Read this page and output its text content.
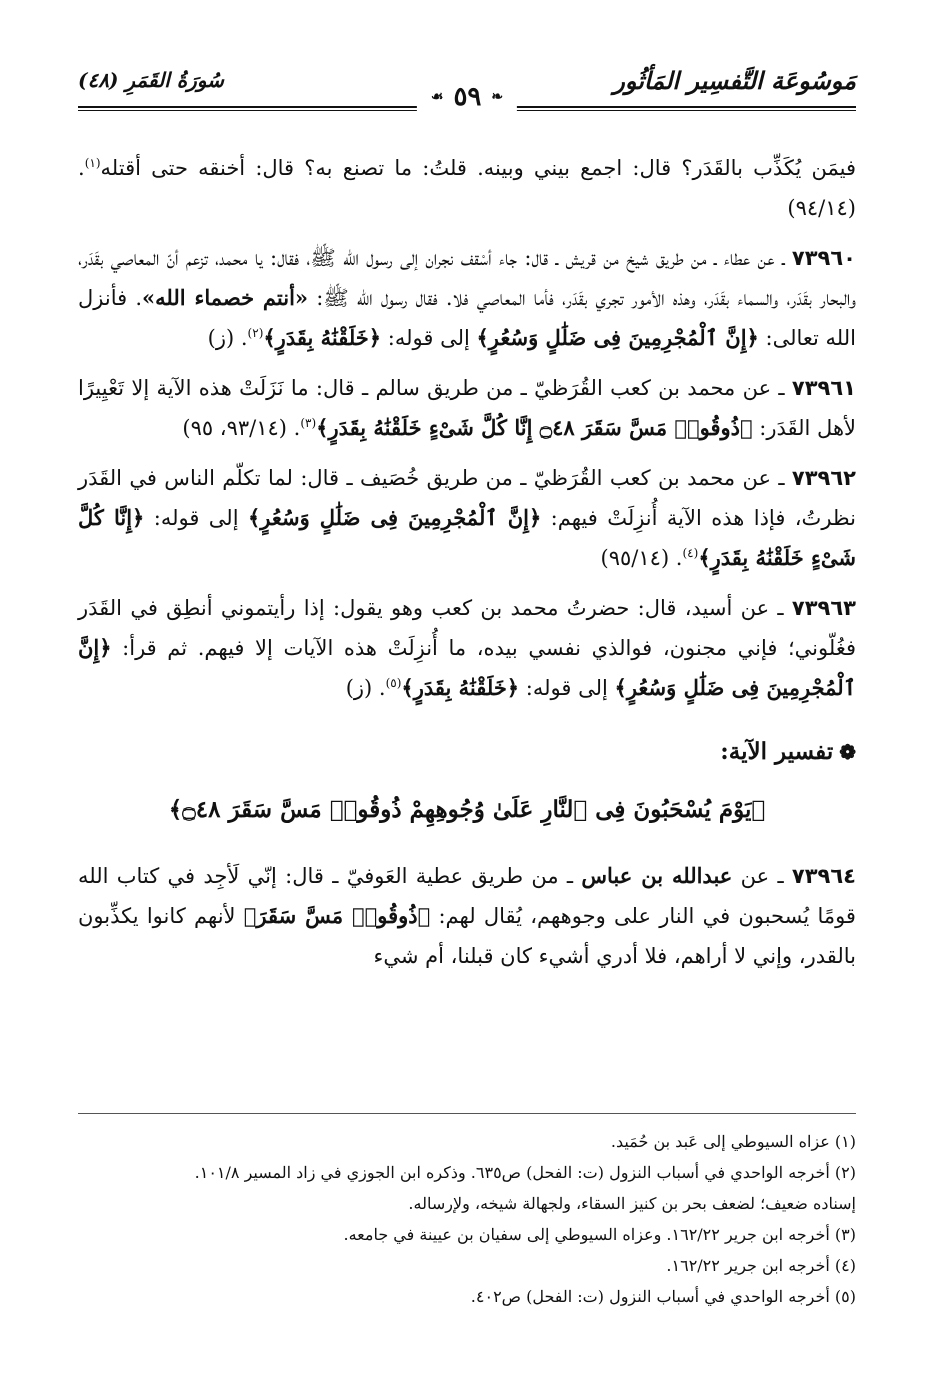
مَوسُوعَة التَّفسِير المَأثُور
❧
٥٩
☙
سُورَةُ القَمَرِ (٤٨)

فيمَن يُكَذِّب بالقَدَر؟ قال: اجمع بيني وبينه. قلتُ: ما تصنع به؟ قال: أخنقه حتى أقتله$^{(١)}$. (٩٤/١٤)

٧٣٩٦٠ ـ عن عطاء ـ من طريق شيخ من قريش ـ قال: جاء أسْقف نجران إلى رسول الله ﷺ، فقال: يا محمد، تزعم أنّ المعاصي بقَدَر، والبحار بقَدَر، والسماء بقَدَر، وهذه الأمور تجري بقَدَر، فأما المعاصي فلا. فقال رسول الله ﷺ: «أنتم خصماء الله». فأنزل الله تعالى: ﴿إِنَّ ٱلْمُجْرِمِينَ فِى ضَلَٰلٍ وَسُعُرٍ﴾ إلى قوله: ﴿خَلَقْنَٰهُ بِقَدَرٍ﴾$^{(٢)}$. (ز)

٧٣٩٦١ ـ عن محمد بن كعب القُرَظيّ ـ من طريق سالم ـ قال: ما نَزَلَتْ هذه الآية إلا تَعْيِيرًا لأهل القَدَر: ﴿ذُوقُوا۟ مَسَّ سَقَرَ ۝٤٨ إِنَّا كُلَّ شَىْءٍ خَلَقْنَٰهُ بِقَدَرٍ﴾$^{(٣)}$. (٩٣/١٤، ٩٥)

٧٣٩٦٢ ـ عن محمد بن كعب القُرَظيّ ـ من طريق خُصَيف ـ قال: لما تكلّم الناس في القَدَر نظرتُ، فإذا هذه الآية أُنزِلَتْ فيهم: ﴿إِنَّ ٱلْمُجْرِمِينَ فِى ضَلَٰلٍ وَسُعُرٍ﴾ إلى قوله: ﴿إِنَّا كُلَّ شَىْءٍ خَلَقْنَٰهُ بِقَدَرٍ﴾$^{(٤)}$. (٩٥/١٤)

٧٣٩٦٣ ـ عن أسيد، قال: حضرتُ محمد بن كعب وهو يقول: إذا رأيتموني أنطِق في القَدَر فغُلّوني؛ فإني مجنون، فوالذي نفسي بيده، ما أُنزِلَتْ هذه الآيات إلا فيهم. ثم قرأ: ﴿إِنَّ ٱلْمُجْرِمِينَ فِى ضَلَٰلٍ وَسُعُرٍ﴾ إلى قوله: ﴿خَلَقْنَٰهُ بِقَدَرٍ﴾$^{(٥)}$. (ز)

❁
تفسير الآية:
﴿يَوْمَ يُسْحَبُونَ فِى ٱلنَّارِ عَلَىٰ وُجُوهِهِمْ ذُوقُوا۟ مَسَّ سَقَرَ ۝٤٨﴾

٧٣٩٦٤ ـ عن عبدالله بن عباس ـ من طريق عطية العَوفيّ ـ قال: إنّي لَأجِد في كتاب الله قومًا يُسحبون في النار على وجوههم، يُقال لهم: ﴿ذُوقُوا۟ مَسَّ سَقَرَ﴾ لأنهم كانوا يكذِّبون بالقدر، وإني لا أراهم، فلا أدري أشيء كان قبلنا، أم شيء

(١) عزاه السيوطي إلى عَبد بن حُمَيد.

(٢) أخرجه الواحدي في أسباب النزول (ت: الفحل) ص٦٣٥. وذكره ابن الجوزي في زاد المسير ١٠١/٨.

إسناده ضعيف؛ لضعف بحر بن كنيز السقاء، ولجهالة شيخه، ولإرساله.

(٣) أخرجه ابن جرير ١٦٢/٢٢. وعزاه السيوطي إلى سفيان بن عيينة في جامعه.

(٤) أخرجه ابن جرير ١٦٢/٢٢.

(٥) أخرجه الواحدي في أسباب النزول (ت: الفحل) ص٤٠٢.
